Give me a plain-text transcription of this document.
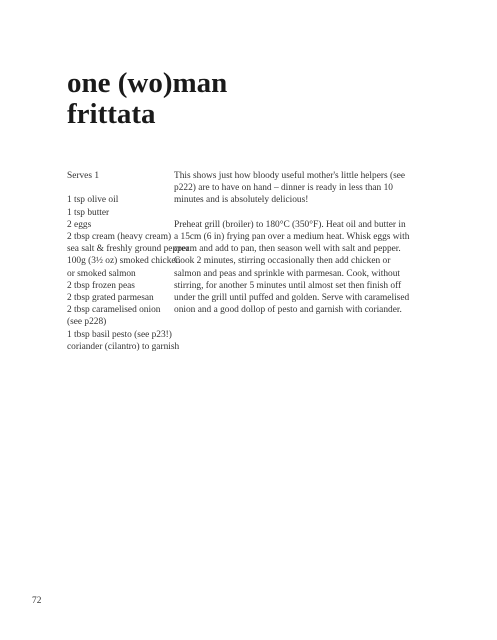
one (wo)man
frittata

Serves 1

1 tsp olive oil
1 tsp butter
2 eggs
2 tbsp cream (heavy cream)
sea salt & freshly ground pepper
100g (3½ oz) smoked chicken
or smoked salmon
2 tbsp frozen peas
2 tbsp grated parmesan
2 tbsp caramelised onion
(see p228)
1 tbsp basil pesto (see p23!)
coriander (cilantro) to garnish
This shows just how bloody useful mother's little helpers (see
p222) are to have on hand – dinner is ready in less than 10
minutes and is absolutely delicious!
Preheat grill (broiler) to 180°C (350°F). Heat oil and butter in
a 15cm (6 in) frying pan over a medium heat. Whisk eggs with
cream and add to pan, then season well with salt and pepper.
Cook 2 minutes, stirring occasionally then add chicken or
salmon and peas and sprinkle with parmesan. Cook, without
stirring, for another 5 minutes until almost set then finish off
under the grill until puffed and golden. Serve with caramelised
onion and a good dollop of pesto and garnish with coriander.
72
